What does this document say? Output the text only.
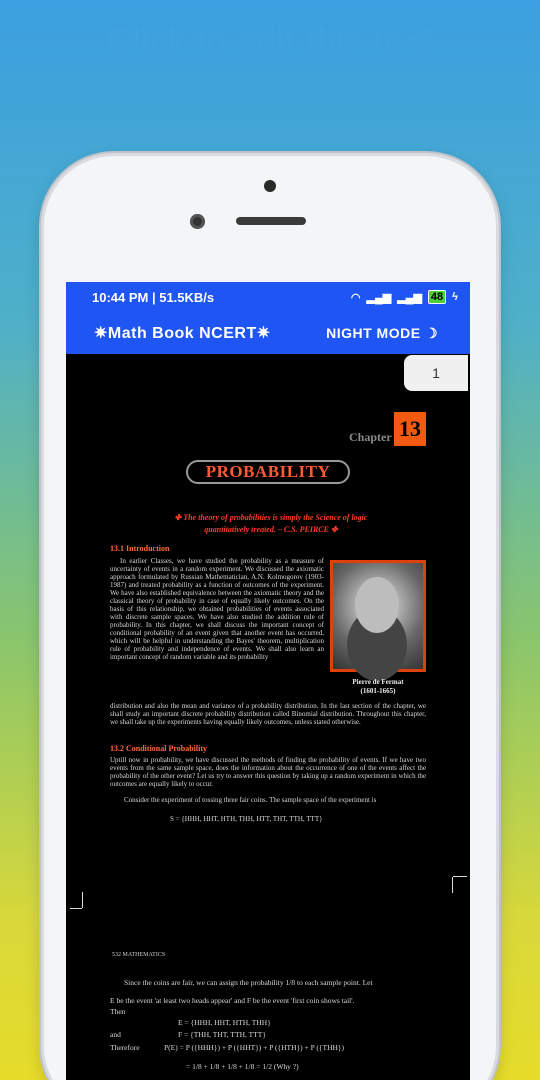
Click to edit this text
Chapter 13
PROBABILITY
✤ The theory of probabilities is simply the Science of logic
quantitatively treated. – C.S. PEIRCE ✤
13.1 Introduction
In earlier Classes, we have studied the probability as a measure of uncertainty of events in a random experiment. We discussed the axiomatic approach formulated by Russian Mathematician, A.N. Kolmogorov (1903-1987) and treated probability as a function of outcomes of the experiment. We have also established equivalence between the axiomatic theory and the classical theory of probability in case of equally likely outcomes. On the basis of this relationship, we obtained probabilities of events associated with discrete sample spaces. We have also studied the addition rule of probability. In this chapter, we shall discuss the important concept of conditional probability of an event given that another event has occurred, which will be helpful in understanding the Bayes' theorem, multiplication rule of probability and independence of events. We shall also learn an important concept of random variable and its probability
Pierre de Fermat
(1601-1665)
distribution and also the mean and variance of a probability distribution. In the last section of the chapter, we shall study an important discrete probability distribution called Binomial distribution. Throughout this chapter, we shall take up the experiments having equally likely outcomes, unless stated otherwise.
13.2 Conditional Probability
Uptill now in probability, we have discussed the methods of finding the probability of events. If we have two events from the same sample space, does the information about the occurrence of one of the events affect the probability of the other event? Let us try to answer this question by taking up a random experiment in which the outcomes are equally likely to occur.
Consider the experiment of tossing three fair coins. The sample space of the experiment is
S = {HHH, HHT, HTH, THH, HTT, THT, TTH, TTT}
532 MATHEMATICS
Since the coins are fair, we can assign the probability 1/8 to each sample point. Let
E be the event 'at least two heads appear' and F be the event 'first coin shows tail'.
Then
E = {HHH, HHT, HTH, THH}
and	F = {THH, THT, TTH, TTT}
Therefore	P(E) = P ({HHH}) + P ({HHT}) + P ({HTH}) + P ({THH})
= 1/8 + 1/8 + 1/8 + 1/8 = 1/2 (Why ?)
10:44 PM | 51.5KB/s	◠ ▂▄▆ ▂▄▆ 48 ϟ
✷Math Book NCERT✷	NIGHT MODE ☽
1
